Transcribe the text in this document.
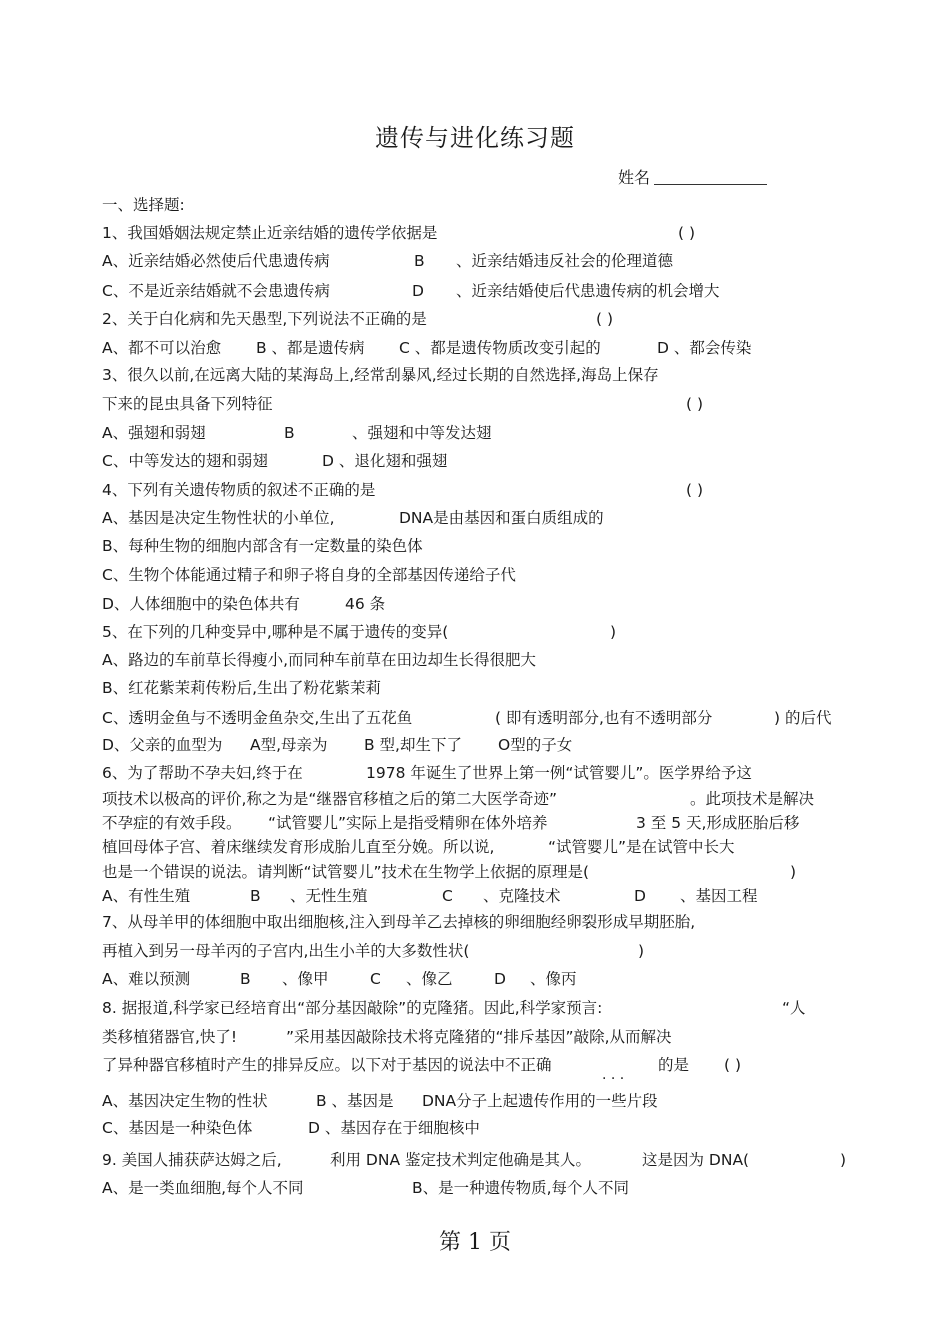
遗传与进化练习题
姓名
一、选择题:
1、我国婚姻法规定禁止近亲结婚的遗传学依据是	( )
A、近亲结婚必然使后代患遗传病	B 、近亲结婚违反社会的伦理道德
C、不是近亲结婚就不会患遗传病	D 、近亲结婚使后代患遗传病的机会增大
2、关于白化病和先天愚型,下列说法不正确的是	( )
A、都不可以治愈 B 、都是遗传病 C 、都是遗传物质改变引起的	D 、都会传染
3、很久以前,在远离大陆的某海岛上,经常刮暴风,经过长期的自然选择,海岛上保存
下来的昆虫具备下列特征	( )
A、强翅和弱翅	B	、强翅和中等发达翅
C、中等发达的翅和弱翅	D 、退化翅和强翅
4、下列有关遗传物质的叙述不正确的是	( )
A、基因是决定生物性状的小单位,	DNA是由基因和蛋白质组成的
B、每种生物的细胞内部含有一定数量的染色体
C、生物个体能通过精子和卵子将自身的全部基因传递给子代
D、人体细胞中的染色体共有	46 条
5、在下列的几种变异中,哪种是不属于遗传的变异(	)
A、路边的车前草长得瘦小,而同种车前草在田边却生长得很肥大
B、红花紫茉莉传粉后,生出了粉花紫茉莉
C、透明金鱼与不透明金鱼杂交,生出了五花鱼	( 即有透明部分,也有不透明部分	) 的后代
D、父亲的血型为 A型,母亲为 B 型,却生下了 O型的子女
6、为了帮助不孕夫妇,终于在	1978 年诞生了世界上第一例“试管婴儿”。医学界给予这
项技术以极高的评价,称之为是“继器官移植之后的第二大医学奇迹”	。此项技术是解决
不孕症的有效手段。 “试管婴儿”实际上是指受精卵在体外培养	3 至 5 天,形成胚胎后移
植回母体子宫、着床继续发育形成胎儿直至分娩。所以说,	“试管婴儿”是在试管中长大
也是一个错误的说法。请判断“试管婴儿”技术在生物学上依据的原理是(	)
A、有性生殖	B 、无性生殖	C 、克隆技术	D 、基因工程
7、从母羊甲的体细胞中取出细胞核,注入到母羊乙去掉核的卵细胞经卵裂形成早期胚胎,
再植入到另一母羊丙的子宫内,出生小羊的大多数性状(	)
A、难以预测	B 、像甲	C 、像乙	D 、像丙
8. 据报道,科学家已经培育出“部分基因敲除”的克隆猪。因此,科学家预言:	“人
类移植猪器官,快了!	”采用基因敲除技术将克隆猪的“排斥基因”敲除,从而解决
了异种器官移植时产生的排异反应。以下对于基因的说法中不正确
. . .
的是 ( )
A、基因决定生物的性状	B 、基因是 DNA分子上起遗传作用的一些片段
C、基因是一种染色体	D 、基因存在于细胞核中
9. 美国人捕获萨达姆之后,	利用 DNA 鉴定技术判定他确是其人。	这是因为 DNA(	)
A、是一类血细胞,每个人不同	B、是一种遗传物质,每个人不同
第 1 页
